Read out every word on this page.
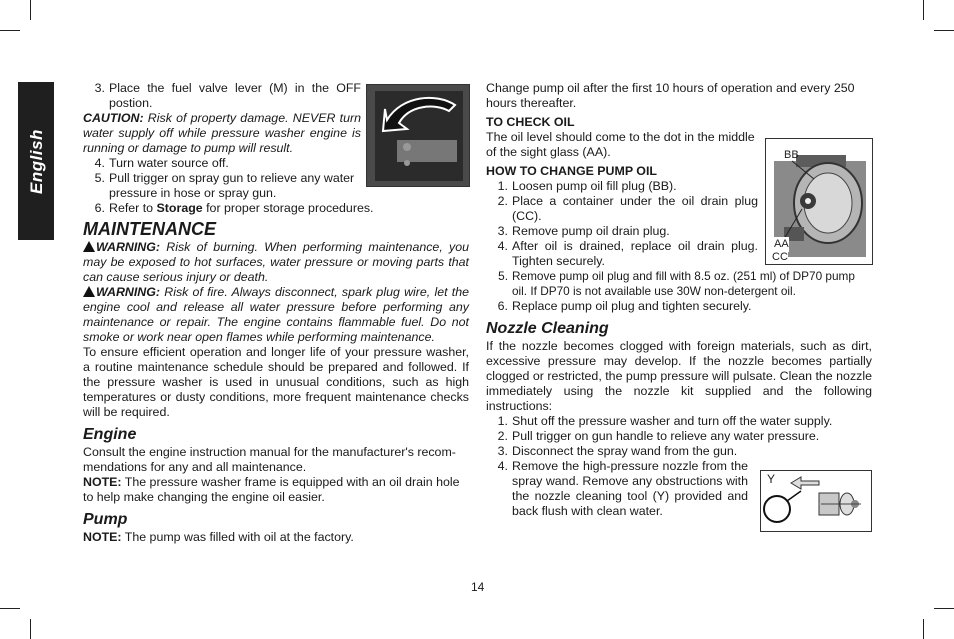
English
3. Place the fuel valve lever (M) in the OFF postion.

CAUTION: Risk of property damage. NEVER turn water supply off while pressure washer engine is running or damage to pump will result.

4. Turn water source off.
5. Pull trigger on spray gun to relieve any water pressure in hose or spray gun.
6. Refer to Storage for proper storage procedures.
MAINTENANCE

WARNING: Risk of burning. When performing maintenance, you may be exposed to hot surfaces, water pressure or moving parts that can cause serious injury or death.

WARNING: Risk of fire. Always disconnect, spark plug wire, let the engine cool and release all water pressure before performing any maintenance or repair. The engine contains flammable fuel. Do not smoke or work near open flames while performing maintenance.

To ensure efficient operation and longer life of your pressure washer, a routine maintenance schedule should be prepared and followed. If the pressure washer is used in unusual conditions, such as high temperatures or dusty conditions, more frequent maintenance checks will be required.

Engine

Consult the engine instruction manual for the manufacturer's recom-mendations for any and all maintenance.

NOTE: The pressure washer frame is equipped with an oil drain hole to help make changing the engine oil easier.

Pump

NOTE: The pump was filled with oil at the factory.

Change pump oil after the first 10 hours of operation and every 250 hours thereafter.

TO CHECK OIL

The oil level should come to the dot in the middle of the sight glass (AA).

HOW TO CHANGE PUMP OIL
1. Loosen pump oil fill plug (BB).
2. Place a container under the oil drain plug (CC).
3. Remove pump oil drain plug.
4. After oil is drained, replace oil drain plug. Tighten securely.
5. Remove pump oil plug and fill with 8.5 oz. (251 ml) of DP70 pump oil. If DP70 is not available use 30W non-detergent oil.
6. Replace pump oil plug and tighten securely.
Nozzle Cleaning

If the nozzle becomes clogged with foreign materials, such as dirt, excessive pressure may develop. If the nozzle becomes partially clogged or restricted, the pump pressure will pulsate. Clean the nozzle immediately using the nozzle kit supplied and the following instructions:

1. Shut off the pressure washer and turn off the water supply.
2. Pull trigger on gun handle to relieve any water pressure.
3. Disconnect the spray wand from the gun.
4. Remove the high-pressure nozzle from the spray wand. Remove any obstructions with the nozzle cleaning tool (Y) provided and back flush with clean water.
BB
AA
CC
Y
14
